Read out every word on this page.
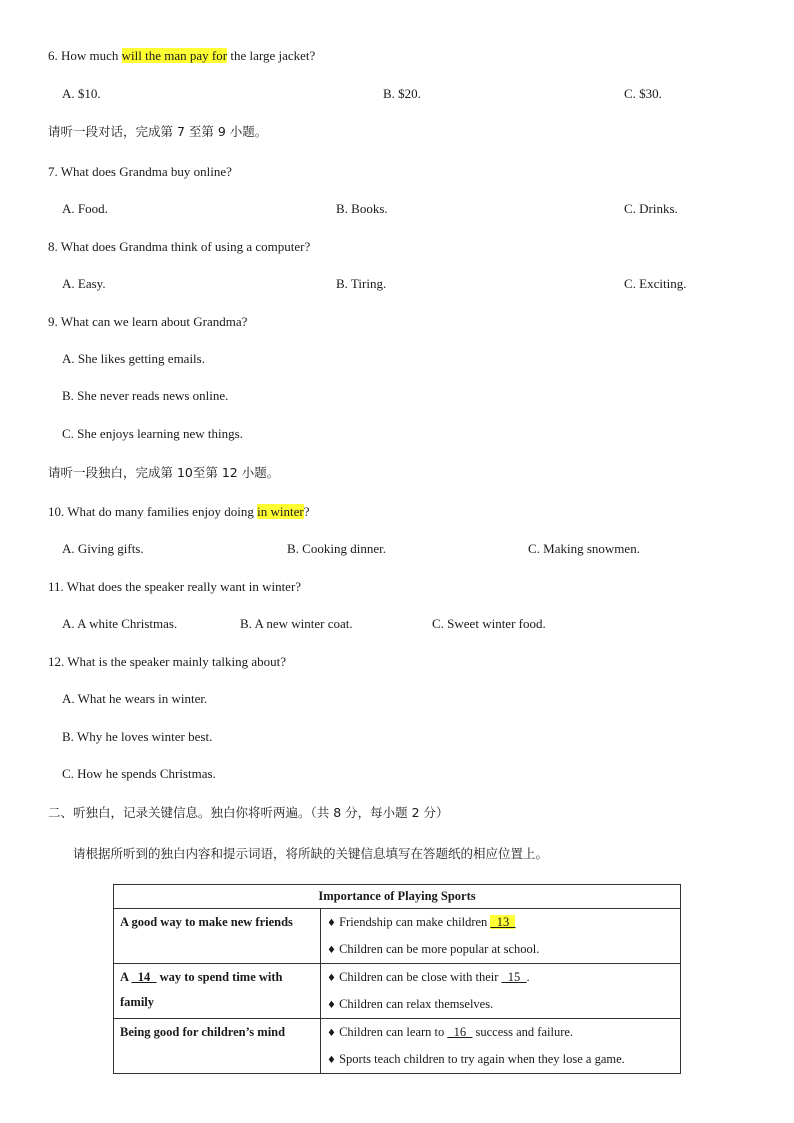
6. How much will the man pay for the large jacket?
A. $10.	B. $20.	C. $30.
请听一段对话，完成第 7 至第 9 小题。
7. What does Grandma buy online?
A. Food.	B. Books.	C. Drinks.
8. What does Grandma think of using a computer?
A. Easy.	B. Tiring.	C. Exciting.
9. What can we learn about Grandma?
A. She likes getting emails.
B. She never reads news online.
C. She enjoys learning new things.
请听一段独白，完成第 10至第 12 小题。
10. What do many families enjoy doing in winter?
A. Giving gifts.	B. Cooking dinner.	C. Making snowmen.
11. What does the speaker really want in winter?
A. A white Christmas.	B. A new winter coat.	C. Sweet winter food.
12. What is the speaker mainly talking about?
A. What he wears in winter.
B. Why he loves winter best.
C. How he spends Christmas.
二、听独白，记录关键信息。独白你将听两遍。（共 8 分，每小题 2 分）
请根据所听到的独白内容和提示词语，将所缺的关键信息填写在答题纸的相应位置上。
Importance of Playing Sports	
A good way to make new friends	♦ Friendship can make children _13_
♦ Children can be more popular at school.

A _14_ way to spend time with family	♦ Children can be close with their _15_.
♦ Children can relax themselves.

Being good for children’s mind	♦ Children can learn to _16_ success and failure.
♦ Sports teach children to try again when they lose a game.
